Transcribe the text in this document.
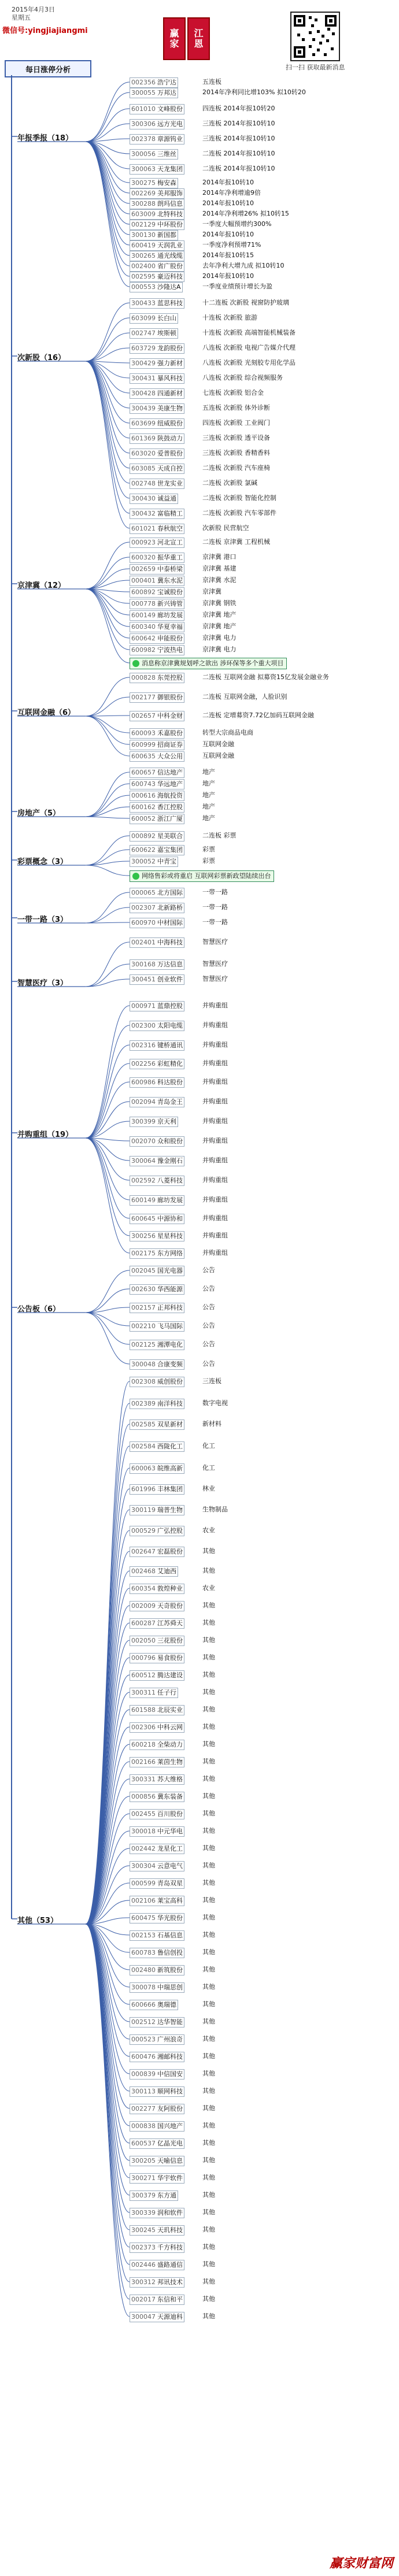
2015年4月3日
星期五
微信号:yingjiajiangmi	赢
家
江
恩
扫一扫 获取最新消息
每日涨停分析
年报季报（18）
002356 浩宁达	五连板
300055 万邦达	2014年净利同比增103% 拟10转20
601010 文峰股份	四连板 2014年报10转20
300306 远方光电	三连板 2014年报10转10
002378 章源钨业	三连板 2014年报10转10
300056 三维丝	二连板 2014年报10转10
300063 天龙集团	二连板 2014年报10转10
300275 梅安森	2014年报10转10
002269 美邦服饰	2014年净利增逾9倍
300288 朗玛信息	2014年报10转10
603009 北特科技	2014年净利增26% 拟10转15
002129 中环股份	一季度大幅预增约300%
300130 新国都	2014年报10转10
600419 天润乳业	一季度净利预增71%
300265 通光线缆	2014年报10转15
002400 省广股份	去年净利大增九成 拟10转10
002595 豪迈科技	2014年报10转10
000553 沙隆达A	一季度业绩预计增长为盈
次新股（16）
300433 蓝思科技	十二连板 次新股 视窗防护玻璃
603099 长白山	十连板 次新股 旅游
002747 埃斯顿	十连板 次新股 高端智能机械装备
603729 龙韵股份	八连板 次新股 电视广告媒介代理
300429 强力新材	八连板 次新股 光刻胶专用化学品
300431 暴风科技	八连板 次新股 综合视频服务
300428 四通新材	七连板 次新股 铝合金
300439 美康生物	五连板 次新股 体外诊断
603699 纽威股份	四连板 次新股 工业阀门
601369 陕鼓动力	三连板 次新股 透平设备
603020 爱普股份	三连板 次新股 香精香料
603085 天成自控	二连板 次新股 汽车座椅
002748 世龙实业	二连板 次新股 氯碱
300430 诚益通	二连板 次新股 智能化控制
300432 富临精工	二连板 次新股 汽车零部件
601021 春秋航空	次新股 民营航空
京津冀（12）
000923 河北宣工	二连板 京津冀 工程机械
600320 振华重工	京津冀 港口
002659 中泰桥梁	京津冀 基建
000401 冀东水泥	京津冀 水泥
600892 宝诚股份	京津冀
000778 新兴铸管	京津冀 钢铁
600149 廊坊发展	京津冀 地产
600340 华夏幸福	京津冀 地产
600642 申能股份	京津冀 电力
600982 宁波热电	京津冀 电力
消息称京津冀规划呼之欲出 涉环保等多个重大项目
互联网金融（6）
000828 东莞控股	二连板 互联网金融 拟募资15亿发展金融业务
002177 御银股份	二连板 互联网金融，人脸识别
002657 中科金财	二连板 定增募资7.72亿加码互联网金融
600093 禾嘉股份	转型大宗商品电商
600999 招商证券	互联网金融
600635 大众公用	互联网金融
房地产（5）
600657 信达地产	地产
600743 华远地产	地产
000616 海航投资	地产
600162 香江控股	地产
600052 浙江广厦	地产
彩票概念（3）
000892 星美联合	二连板 彩票
600622 嘉宝集团	彩票
300052 中青宝	彩票
网络售彩或将重启 互联网彩票新政望陆续出台
一带一路（3）
000065 北方国际	一带一路
002307 北新路桥	一带一路
600970 中材国际	一带一路
智慧医疗（3）
002401 中海科技	智慧医疗
300168 万达信息	智慧医疗
300451 创业软件	智慧医疗
并购重组（19）
000971 蓝鼎控股	并购重组
002300 太阳电缆	并购重组
002316 键桥通讯	并购重组
002256 彩虹精化	并购重组
600986 科达股份	并购重组
002094 青岛金王	并购重组
300399 京天利	并购重组
002070 众和股份	并购重组
300064 豫金刚石	并购重组
002592 八菱科技	并购重组
600149 廊坊发展	并购重组
600645 中源协和	并购重组
300256 星星科技	并购重组
002175 东方网络	并购重组
公告板（6）
002045 国光电器	公告
002630 华西能源	公告
002157 正邦科技	公告
002210 飞马国际	公告
002125 湘潭电化	公告
300048 合康变频	公告
其他（53）
002308 威创股份	三连板
002389 南洋科技	数字电视
002585 双星新材	新材料
002584 西陇化工	化工
600063 皖维高新	化工
601996 丰林集团	林业
300119 瑞普生物	生物制品
000529 广弘控股	农业
002647 宏磊股份	其他
002468 艾迪西	其他
600354 敦煌种业	农业
002009 天奇股份	其他
600287 江苏舜天	其他
002050 三花股份	其他
000796 易食股份	其他
600512 腾达建设	其他
300311 任子行	其他
601588 北辰实业	其他
002306 中科云网	其他
600218 全柴动力	其他
002166 莱茵生物	其他
300331 苏大维格	其他
000856 冀东装备	其他
002455 百川股份	其他
300018 中元华电	其他
002442 龙星化工	其他
300304 云意电气	其他
000599 青岛双星	其他
002106 莱宝高科	其他
600475 华光股份	其他
002153 石基信息	其他
600783 鲁信创投	其他
002480 新筑股份	其他
300078 中瑞思创	其他
600666 奥瑞德	其他
002512 达华智能	其他
000523 广州浪奇	其他
600476 湘邮科技	其他
000839 中信国安	其他
300113 顺网科技	其他
002277 友阿股份	其他
000838 国兴地产	其他
600537 亿晶光电	其他
300205 天喻信息	其他
300271 华宇软件	其他
300379 东方通	其他
300339 润和软件	其他
300245 天玑科技	其他
002373 千方科技	其他
002446 盛路通信	其他
300312 邦讯技术	其他
002017 东信和平	其他
300047 天源迪科	其他
赢家财富网
